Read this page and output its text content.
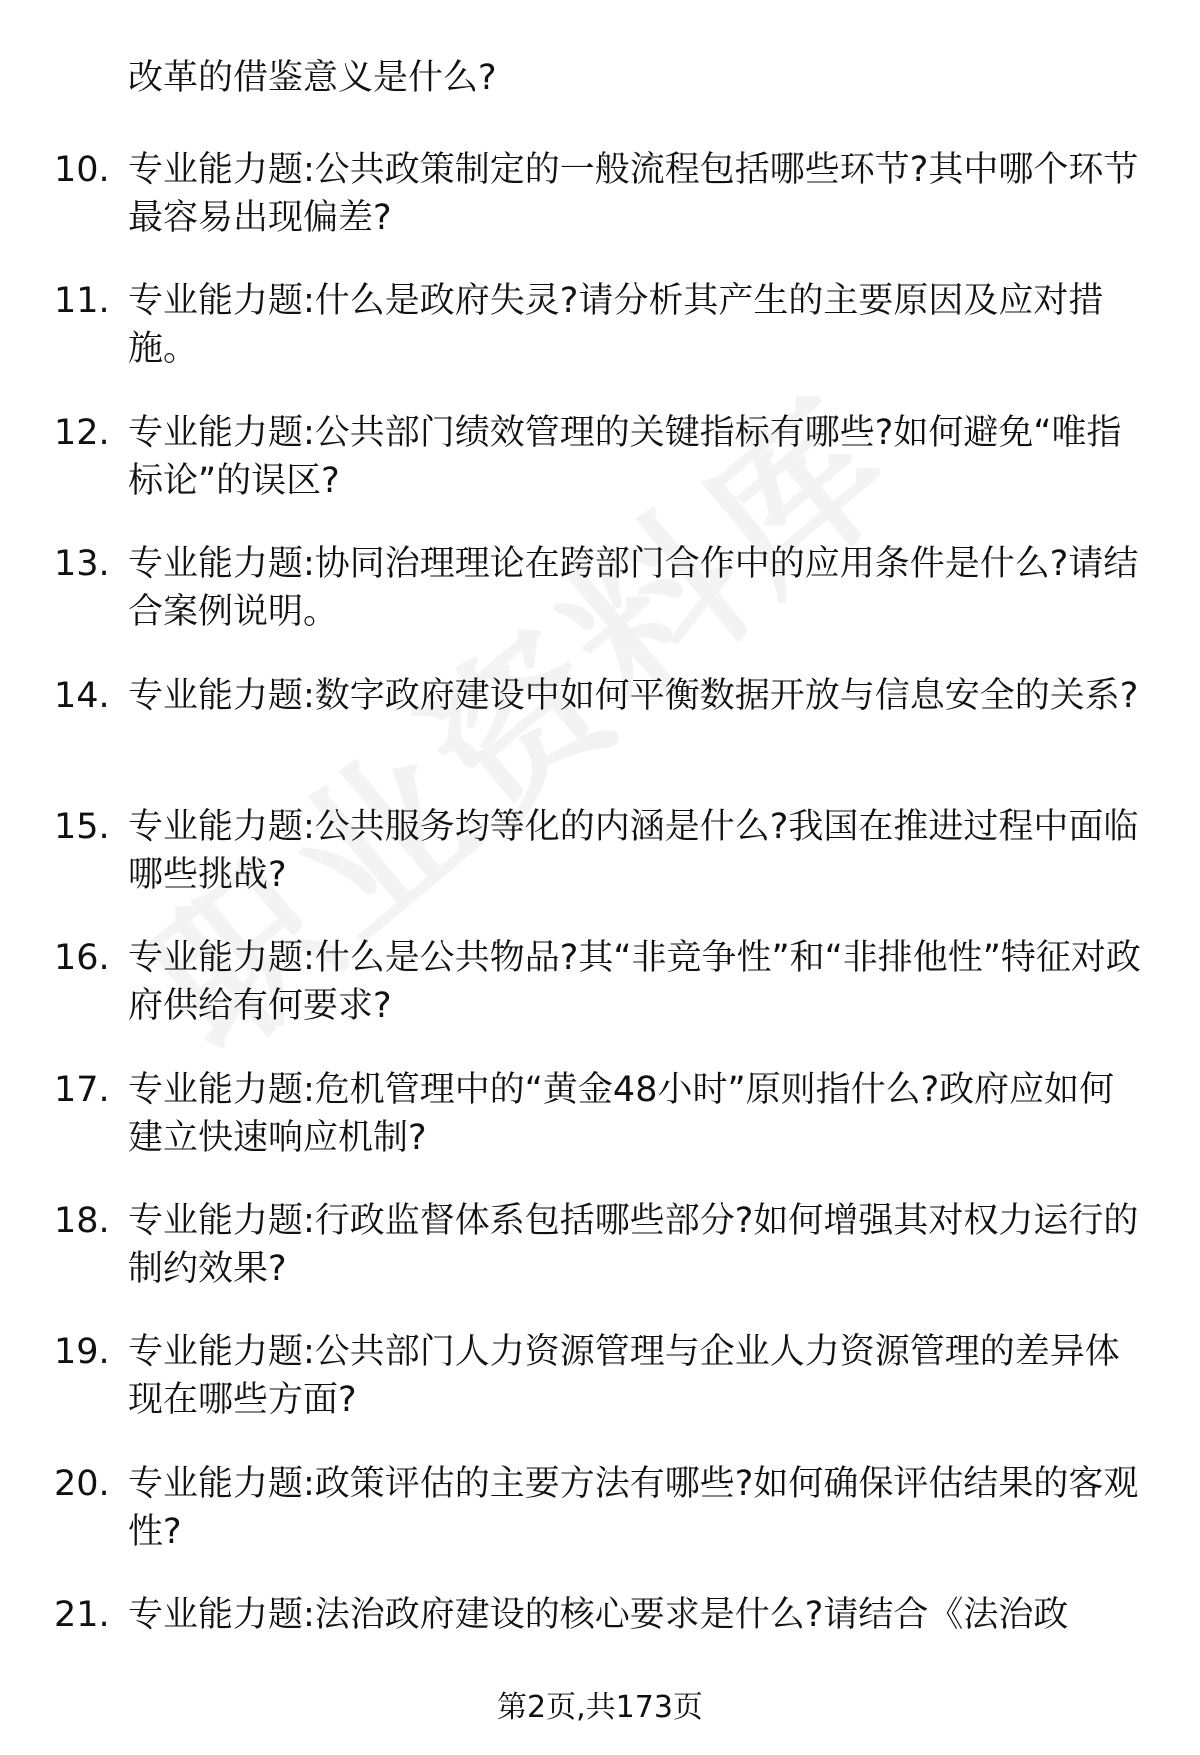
改革的借鉴意义是什么?
10. 专业能力题:公共政策制定的一般流程包括哪些环节?其中哪个环节最容易出现偏差?
11. 专业能力题:什么是政府失灵?请分析其产生的主要原因及应对措施。
12. 专业能力题:公共部门绩效管理的关键指标有哪些?如何避免“唯指标论”的误区?
13. 专业能力题:协同治理理论在跨部门合作中的应用条件是什么?请结合案例说明。
14. 专业能力题:数字政府建设中如何平衡数据开放与信息安全的关系?
15. 专业能力题:公共服务均等化的内涵是什么?我国在推进过程中面临哪些挑战?
16. 专业能力题:什么是公共物品?其“非竞争性”和“非排他性”特征对政府供给有何要求?
17. 专业能力题:危机管理中的“黄金48小时”原则指什么?政府应如何建立快速响应机制?
18. 专业能力题:行政监督体系包括哪些部分?如何增强其对权力运行的制约效果?
19. 专业能力题:公共部门人力资源管理与企业人力资源管理的差异体现在哪些方面?
20. 专业能力题:政策评估的主要方法有哪些?如何确保评估结果的客观性?
21. 专业能力题:法治政府建设的核心要求是什么?请结合《法治政
第2页,共173页
